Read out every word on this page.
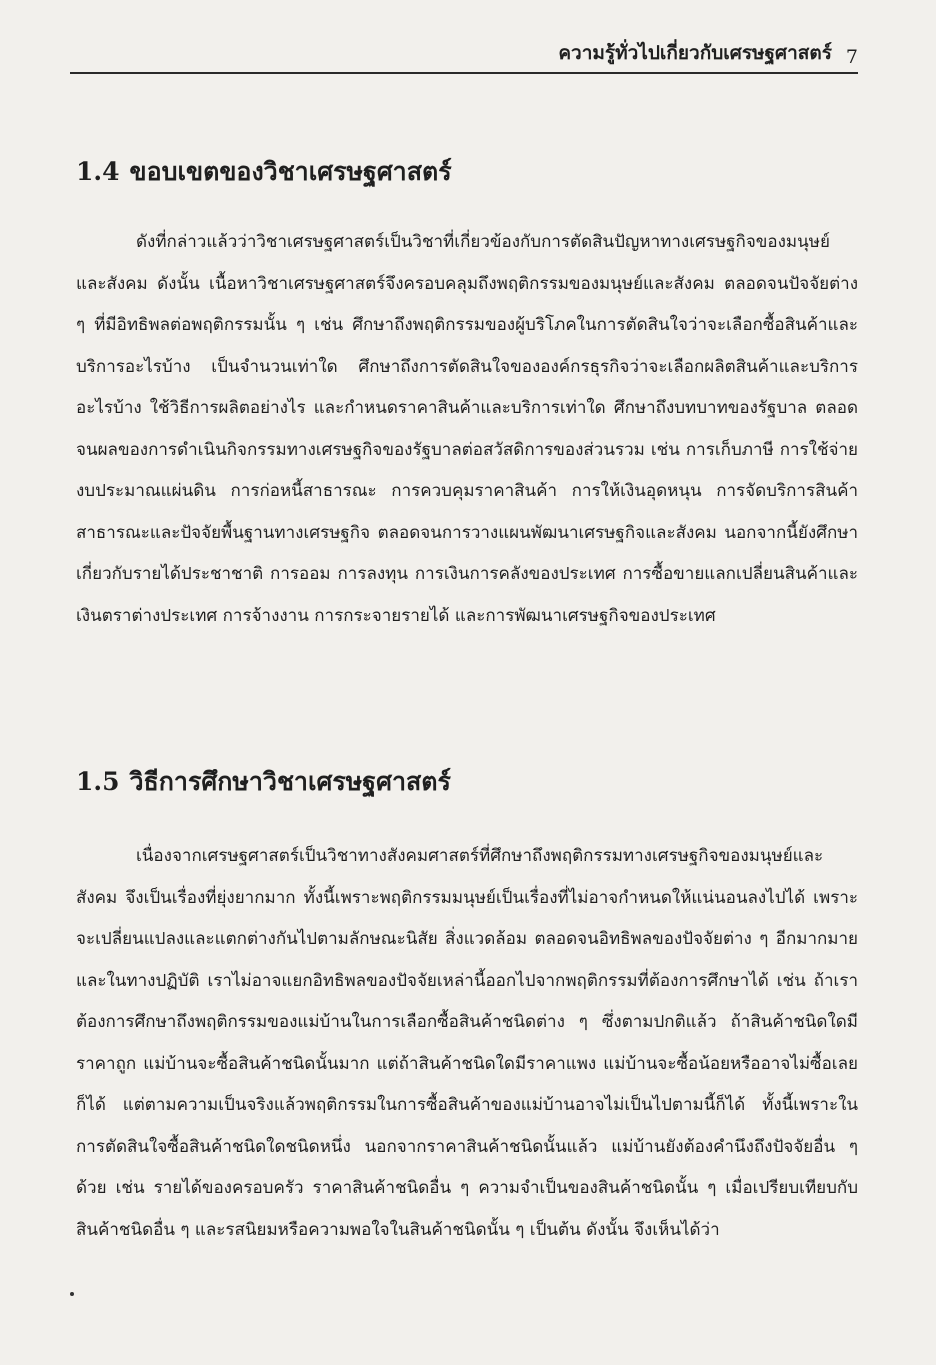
ความรู้ทั่วไปเกี่ยวกับเศรษฐศาสตร์ 7
1.4 ขอบเขตของวิชาเศรษฐศาสตร์
ดังที่กล่าวแล้วว่าวิชาเศรษฐศาสตร์เป็นวิชาที่เกี่ยวข้องกับการตัดสินปัญหาทางเศรษฐกิจของมนุษย์และสังคม ดังนั้น เนื้อหาวิชาเศรษฐศาสตร์จึงครอบคลุมถึงพฤติกรรมของมนุษย์และสังคม ตลอดจนปัจจัยต่าง ๆ ที่มีอิทธิพลต่อพฤติกรรมนั้น ๆ เช่น ศึกษาถึงพฤติกรรมของผู้บริโภคในการตัดสินใจว่าจะเลือกซื้อสินค้าและบริการอะไรบ้าง เป็นจำนวนเท่าใด ศึกษาถึงการตัดสินใจขององค์กรธุรกิจว่าจะเลือกผลิตสินค้าและบริการอะไรบ้าง ใช้วิธีการผลิตอย่างไร และกำหนดราคาสินค้าและบริการเท่าใด ศึกษาถึงบทบาทของรัฐบาล ตลอดจนผลของการดำเนินกิจกรรมทางเศรษฐกิจของรัฐบาลต่อสวัสดิการของส่วนรวม เช่น การเก็บภาษี การใช้จ่ายงบประมาณแผ่นดิน การก่อหนี้สาธารณะ การควบคุมราคาสินค้า การให้เงินอุดหนุน การจัดบริการสินค้าสาธารณะและปัจจัยพื้นฐานทางเศรษฐกิจ ตลอดจนการวางแผนพัฒนาเศรษฐกิจและสังคม นอกจากนี้ยังศึกษาเกี่ยวกับรายได้ประชาชาติ การออม การลงทุน การเงินการคลังของประเทศ การซื้อขายแลกเปลี่ยนสินค้าและเงินตราต่างประเทศ การจ้างงาน การกระจายรายได้ และการพัฒนาเศรษฐกิจของประเทศ
1.5 วิธีการศึกษาวิชาเศรษฐศาสตร์
เนื่องจากเศรษฐศาสตร์เป็นวิชาทางสังคมศาสตร์ที่ศึกษาถึงพฤติกรรมทางเศรษฐกิจของมนุษย์และสังคม จึงเป็นเรื่องที่ยุ่งยากมาก ทั้งนี้เพราะพฤติกรรมมนุษย์เป็นเรื่องที่ไม่อาจกำหนดให้แน่นอนลงไปได้ เพราะจะเปลี่ยนแปลงและแตกต่างกันไปตามลักษณะนิสัย สิ่งแวดล้อม ตลอดจนอิทธิพลของปัจจัยต่าง ๆ อีกมากมาย และในทางปฏิบัติ เราไม่อาจแยกอิทธิพลของปัจจัยเหล่านี้ออกไปจากพฤติกรรมที่ต้องการศึกษาได้ เช่น ถ้าเราต้องการศึกษาถึงพฤติกรรมของแม่บ้านในการเลือกซื้อสินค้าชนิดต่าง ๆ ซึ่งตามปกติแล้ว ถ้าสินค้าชนิดใดมีราคาถูก แม่บ้านจะซื้อสินค้าชนิดนั้นมาก แต่ถ้าสินค้าชนิดใดมีราคาแพง แม่บ้านจะซื้อน้อยหรืออาจไม่ซื้อเลยก็ได้ แต่ตามความเป็นจริงแล้วพฤติกรรมในการซื้อสินค้าของแม่บ้านอาจไม่เป็นไปตามนี้ก็ได้ ทั้งนี้เพราะในการตัดสินใจซื้อสินค้าชนิดใดชนิดหนึ่ง นอกจากราคาสินค้าชนิดนั้นแล้ว แม่บ้านยังต้องคำนึงถึงปัจจัยอื่น ๆ ด้วย เช่น รายได้ของครอบครัว ราคาสินค้าชนิดอื่น ๆ ความจำเป็นของสินค้าชนิดนั้น ๆ เมื่อเปรียบเทียบกับสินค้าชนิดอื่น ๆ และรสนิยมหรือความพอใจในสินค้าชนิดนั้น ๆ เป็นต้น ดังนั้น จึงเห็นได้ว่า
